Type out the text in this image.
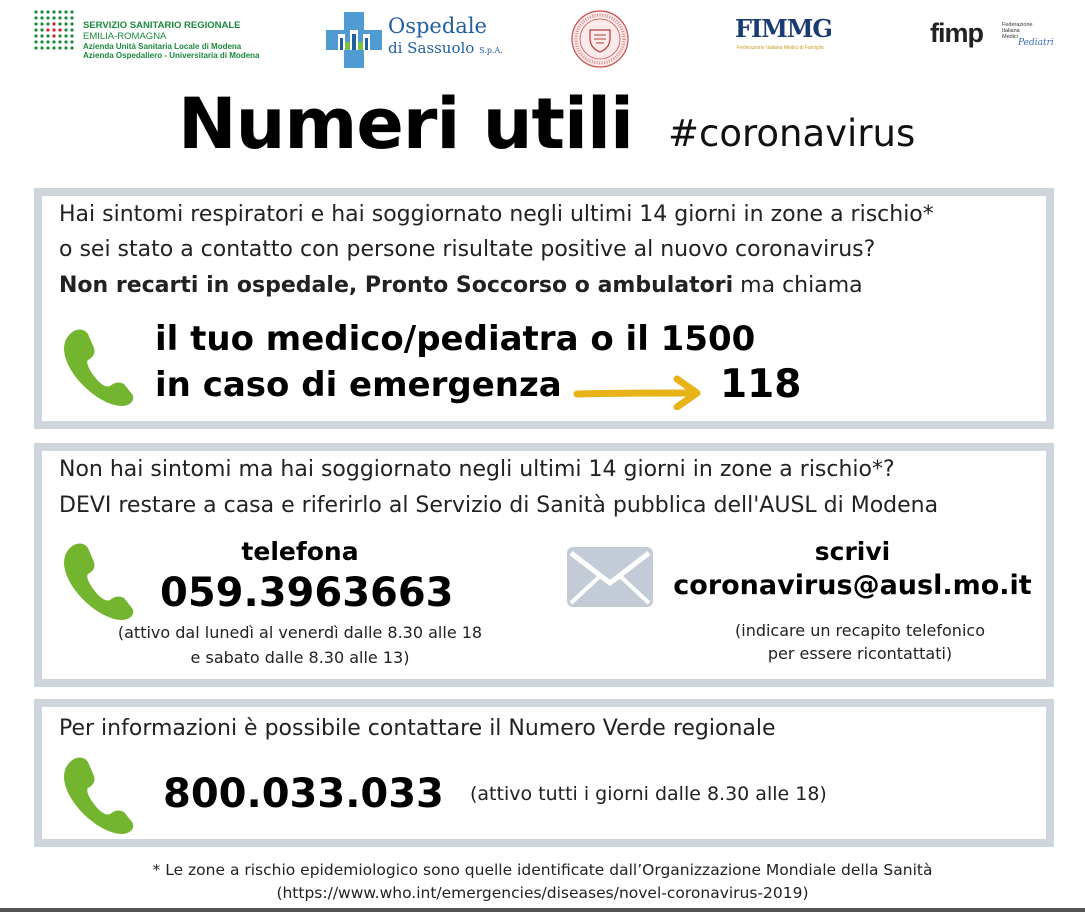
SERVIZIO SANITARIO REGIONALE
EMILIA-ROMAGNA
Azienda Unità Sanitaria Locale di Modena
Azienda Ospedaliero - Universitaria di Modena
Ospedale
di Sassuolo S.p.A.
FIMMG
Federazione Italiana Medici di Famiglia	fimp	Federazione
Italiana
Medici
Pediatri
Numeri utili #coronavirus
Hai sintomi respiratori e hai soggiornato negli ultimi 14 giorni in zone a rischio*
o sei stato a contatto con persone risultate positive al nuovo coronavirus?
Non recarti in ospedale, Pronto Soccorso o ambulatori ma chiama
il tuo medico/pediatra o il 1500
in caso di emergenza	118
Non hai sintomi ma hai soggiornato negli ultimi 14 giorni in zone a rischio*?
DEVI restare a casa e riferirlo al Servizio di Sanità pubblica dell'AUSL di Modena
telefona
059.3963663
(attivo dal lunedì al venerdì dalle 8.30 alle 18
e sabato dalle 8.30 alle 13)
scrivi
coronavirus@ausl.mo.it
(indicare un recapito telefonico
per essere ricontattati)
Per informazioni è possibile contattare il Numero Verde regionale
800.033.033 (attivo tutti i giorni dalle 8.30 alle 18)
* Le zone a rischio epidemiologico sono quelle identificate dall’Organizzazione Mondiale della Sanità
(https://www.who.int/emergencies/diseases/novel-coronavirus-2019)
